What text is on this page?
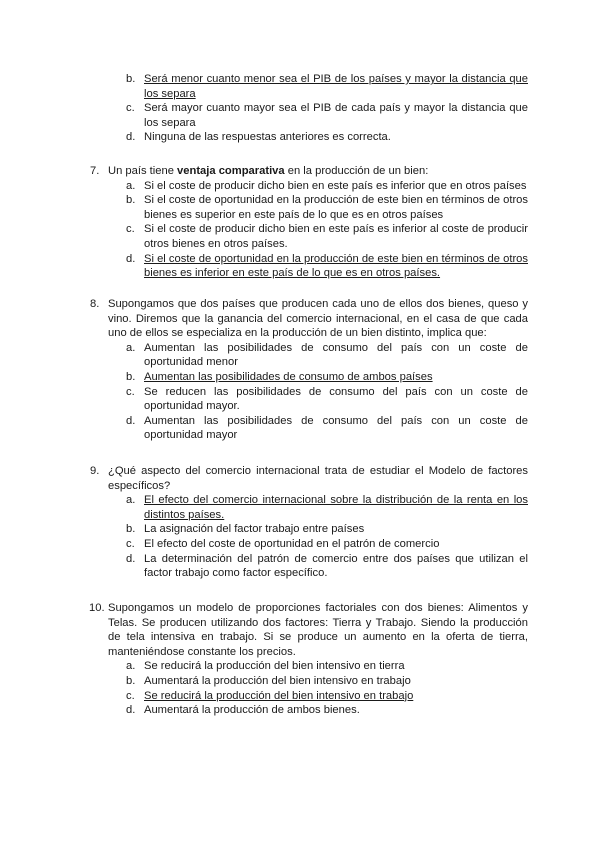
b. Será menor cuanto menor sea el PIB de los países y mayor la distancia que los separa
c. Será mayor cuanto mayor sea el PIB de cada país y mayor la distancia que los separa
d. Ninguna de las respuestas anteriores es correcta.
7. Un país tiene ventaja comparativa en la producción de un bien:
a. Si el coste de producir dicho bien en este país es inferior que en otros países
b. Si el coste de oportunidad en la producción de este bien en términos de otros bienes es superior en este país de lo que es en otros países
c. Si el coste de producir dicho bien en este país es inferior al coste de producir otros bienes en otros países.
d. Si el coste de oportunidad en la producción de este bien en términos de otros bienes es inferior en este país de lo que es en otros países.
8. Supongamos que dos países que producen cada uno de ellos dos bienes, queso y vino. Diremos que la ganancia del comercio internacional, en el casa de que cada uno de ellos se especializa en la producción de un bien distinto, implica que:
a. Aumentan las posibilidades de consumo del país con un coste de oportunidad menor
b. Aumentan las posibilidades de consumo de ambos países
c. Se reducen las posibilidades de consumo del país con un coste de oportunidad mayor.
d. Aumentan las posibilidades de consumo del país con un coste de oportunidad mayor
9. ¿Qué aspecto del comercio internacional trata de estudiar el Modelo de factores específicos?
a. El efecto del comercio internacional sobre la distribución de la renta en los distintos países.
b. La asignación del factor trabajo entre países
c. El efecto del coste de oportunidad en el patrón de comercio
d. La determinación del patrón de comercio entre dos países que utilizan el factor trabajo como factor específico.
10. Supongamos un modelo de proporciones factoriales con dos bienes: Alimentos y Telas. Se producen utilizando dos factores: Tierra y Trabajo. Siendo la producción de tela intensiva en trabajo. Si se produce un aumento en la oferta de tierra, manteniéndose constante los precios.
a. Se reducirá la producción del bien intensivo en tierra
b. Aumentará la producción del bien intensivo en trabajo
c. Se reducirá la producción del bien intensivo en trabajo
d. Aumentará la producción de ambos bienes.
